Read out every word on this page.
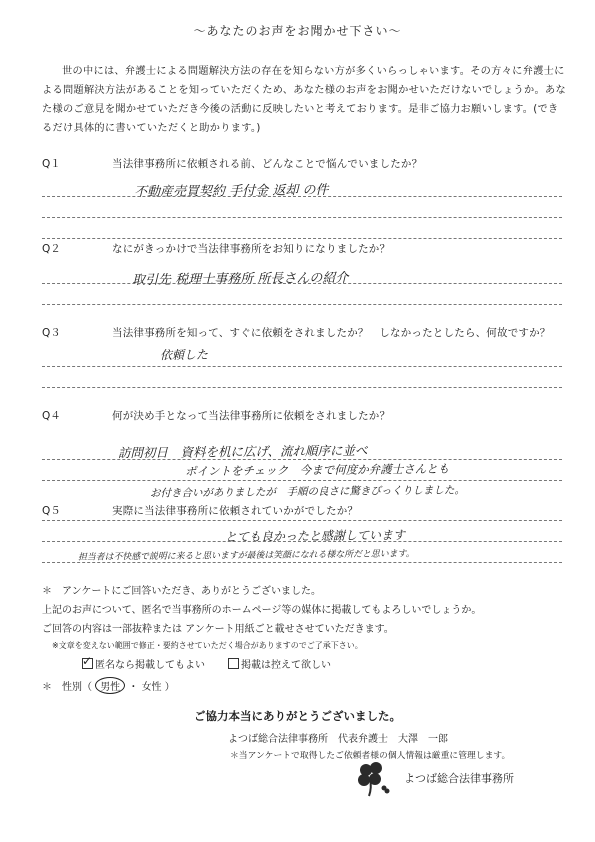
～あなたのお声をお聞かせ下さい～
世の中には、弁護士による問題解決方法の存在を知らない方が多くいらっしゃいます。その方々に弁護士による問題解決方法があることを知っていただくため、あなた様のお声をお聞かせいただけないでしょうか。あなた様のご意見を聞かせていただき今後の活動に反映したいと考えております。是非ご協力お願いします。(できるだけ具体的に書いていただくと助かります。)
Q１	当法律事務所に依頼される前、どんなことで悩んでいましたか？
不動産売買契約 手付金 返却 の件
Q２	なにがきっかけで当法律事務所をお知りになりましたか？
取引先 税理士事務所 所長さんの紹介
Q３	当法律事務所を知って、すぐに依頼をされましたか？　しなかったとしたら、何故ですか？
依頼した
Q４	何が決め手となって当法律事務所に依頼をされましたか？
訪問初日　資料を机に広げ、流れ順序に並べ
ポイントをチェック　今まで何度か弁護士さんとも
お付き合いがありましたが　手順の良さに驚きびっくりしました。
Q５	実際に当法律事務所に依頼されていかがでしたか？
とても良かったと感謝しています
担当者は不快感で説明に来ると思いますが最後は笑顔になれる様な所だと思います。
＊　アンケートにご回答いただき、ありがとうございました。
上記のお声について、匿名で当事務所のホームページ等の媒体に掲載してもよろしいでしょうか。
ご回答の内容は一部抜粋または アンケート用紙ごと載せさせていただきます。
※文章を変えない範囲で修正・要約させていただく場合がありますのでご了承下さい。
✓匿名なら掲載してもよい	掲載は控えて欲しい
＊　性別（ 男性 ・ 女性 ）
ご協力本当にありがとうございました。
よつば総合法律事務所　代表弁護士　大澤　一郎
＊当アンケートで取得したご依頼者様の個人情報は厳重に管理します。
よつば総合法律事務所
